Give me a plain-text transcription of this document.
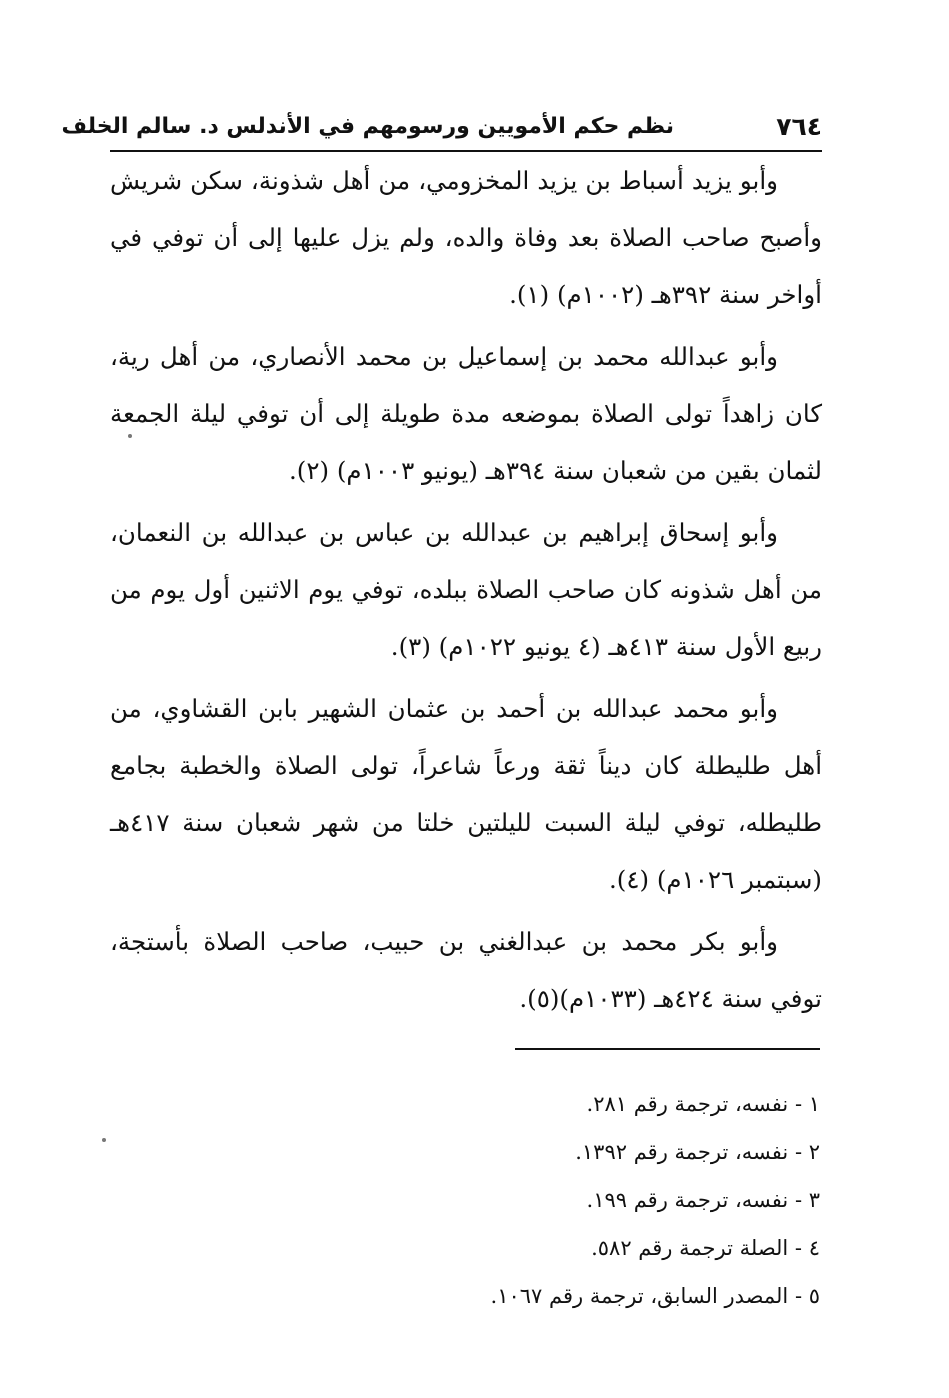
٧٦٤
نظم حكم الأمويين ورسومهم في الأندلس د. سالم الخلف

وأبو يزيد أسباط بن يزيد المخزومي، من أهل شذونة، سكن شريش وأصبح صاحب الصلاة بعد وفاة والده، ولم يزل عليها إلى أن توفي في أواخر سنة ٣٩٢هـ (١٠٠٢م) (١).

وأبو عبدالله محمد بن إسماعيل بن محمد الأنصاري، من أهل رية، كان زاهداً تولى الصلاة بموضعه مدة طويلة إلى أن توفي ليلة الجمعة لثمان بقين من شعبان سنة ٣٩٤هـ (يونيو ١٠٠٣م) (٢).

وأبو إسحاق إبراهيم بن عبدالله بن عباس بن عبدالله بن النعمان، من أهل شذونه كان صاحب الصلاة ببلده، توفي يوم الاثنين أول يوم من ربيع الأول سنة ٤١٣هـ (٤ يونيو ١٠٢٢م) (٣).

وأبو محمد عبدالله بن أحمد بن عثمان الشهير بابن القشاوي، من أهل طليطلة كان ديناً ثقة ورعاً شاعراً، تولى الصلاة والخطبة بجامع طليطله، توفي ليلة السبت لليلتين خلتا من شهر شعبان سنة ٤١٧هـ (سبتمبر ١٠٢٦م) (٤).

وأبو بكر محمد بن عبدالغني بن حبيب، صاحب الصلاة بأستجة، توفي سنة ٤٢٤هـ (١٠٣٣م)(٥).

١ - نفسه، ترجمة رقم ٢٨١.
٢ - نفسه، ترجمة رقم ١٣٩٢.
٣ - نفسه، ترجمة رقم ١٩٩.
٤ - الصلة ترجمة رقم ٥٨٢.
٥ - المصدر السابق، ترجمة رقم ١٠٦٧.
